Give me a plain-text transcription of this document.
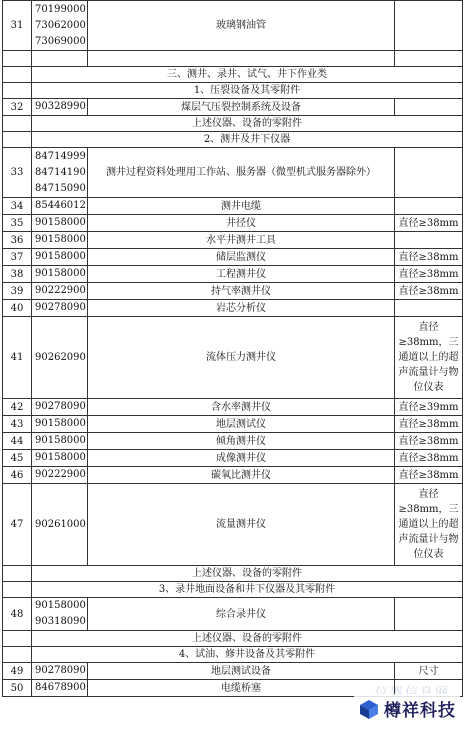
31	70199000
73062000
73069000	玻璃钢油管	

	三、测井、录井、试气、井下作业类		
	1、压裂设备及其零附件		
32	90328990	煤层气压裂控制系统及设备	
	上述仪器、设备的零附件		
	2、测井及井下仪器		
33	84714999
84714190
84715090	测井过程资料处理用工作站、服务器（微型机式服务器除外）	
34	85446012	测井电缆	
35	90158000	井径仪	直径≥38mm
36	90158000	水平井测井工具	
37	90158000	储层监测仪	直径≥38mm
38	90158000	工程测井仪	直径≥38mm
39	90222900	持气率测井仪	直径≥38mm
40	90278090	岩芯分析仪	
41	90262090	流体压力测井仪	直径≥38mm，三通道以上的超声流量计与物位仪表
42	90278090	含水率测井仪	直径≥39mm
43	90158000	地层测试仪	直径≥38mm
44	90158000	倾角测井仪	直径≥38mm
45	90158000	成像测井仪	直径≥38mm
46	90222900	碳氧比测井仪	直径≥38mm
47	90261000	流量测井仪	直径≥38mm，三通道以上的超声流量计与物位仪表
	上述仪器、设备的零附件		
	3、录井地面设备和井下仪器及其零附件		
48	90158000
90318090	综合录井仪	
	上述仪器、设备的零附件		
	4、试油、修井设备及其零附件		
49	90278090	地层测试设备	尺寸
50	84678900	电缆桥塞	
樽祥科技
